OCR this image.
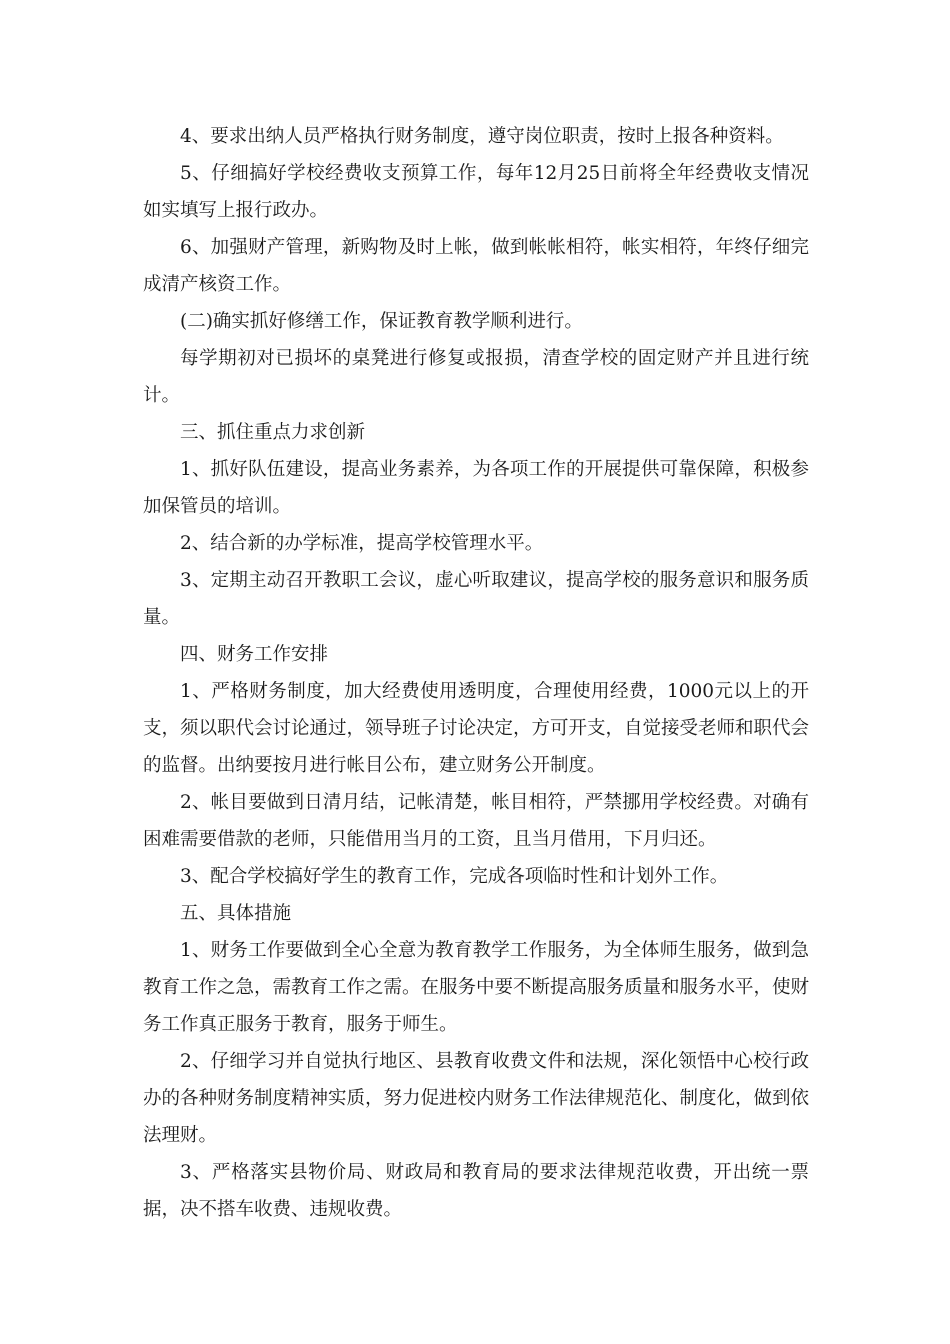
4、要求出纳人员严格执行财务制度，遵守岗位职责，按时上报各种资料。

5、仔细搞好学校经费收支预算工作，每年12月25日前将全年经费收支情况如实填写上报行政办。

6、加强财产管理，新购物及时上帐，做到帐帐相符，帐实相符，年终仔细完成清产核资工作。

(二)确实抓好修缮工作，保证教育教学顺利进行。

每学期初对已损坏的桌凳进行修复或报损，清查学校的固定财产并且进行统计。

三、抓住重点力求创新

1、抓好队伍建设，提高业务素养，为各项工作的开展提供可靠保障，积极参加保管员的培训。

2、结合新的办学标准，提高学校管理水平。

3、定期主动召开教职工会议，虚心听取建议，提高学校的服务意识和服务质量。

四、财务工作安排

1、严格财务制度，加大经费使用透明度，合理使用经费，1000元以上的开支，须以职代会讨论通过，领导班子讨论决定，方可开支，自觉接受老师和职代会的监督。出纳要按月进行帐目公布，建立财务公开制度。

2、帐目要做到日清月结，记帐清楚，帐目相符，严禁挪用学校经费。对确有困难需要借款的老师，只能借用当月的工资，且当月借用，下月归还。

3、配合学校搞好学生的教育工作，完成各项临时性和计划外工作。

五、具体措施

1、财务工作要做到全心全意为教育教学工作服务，为全体师生服务，做到急教育工作之急，需教育工作之需。在服务中要不断提高服务质量和服务水平，使财务工作真正服务于教育，服务于师生。

2、仔细学习并自觉执行地区、县教育收费文件和法规，深化领悟中心校行政办的各种财务制度精神实质，努力促进校内财务工作法律规范化、制度化，做到依法理财。

3、严格落实县物价局、财政局和教育局的要求法律规范收费，开出统一票据，决不搭车收费、违规收费。
